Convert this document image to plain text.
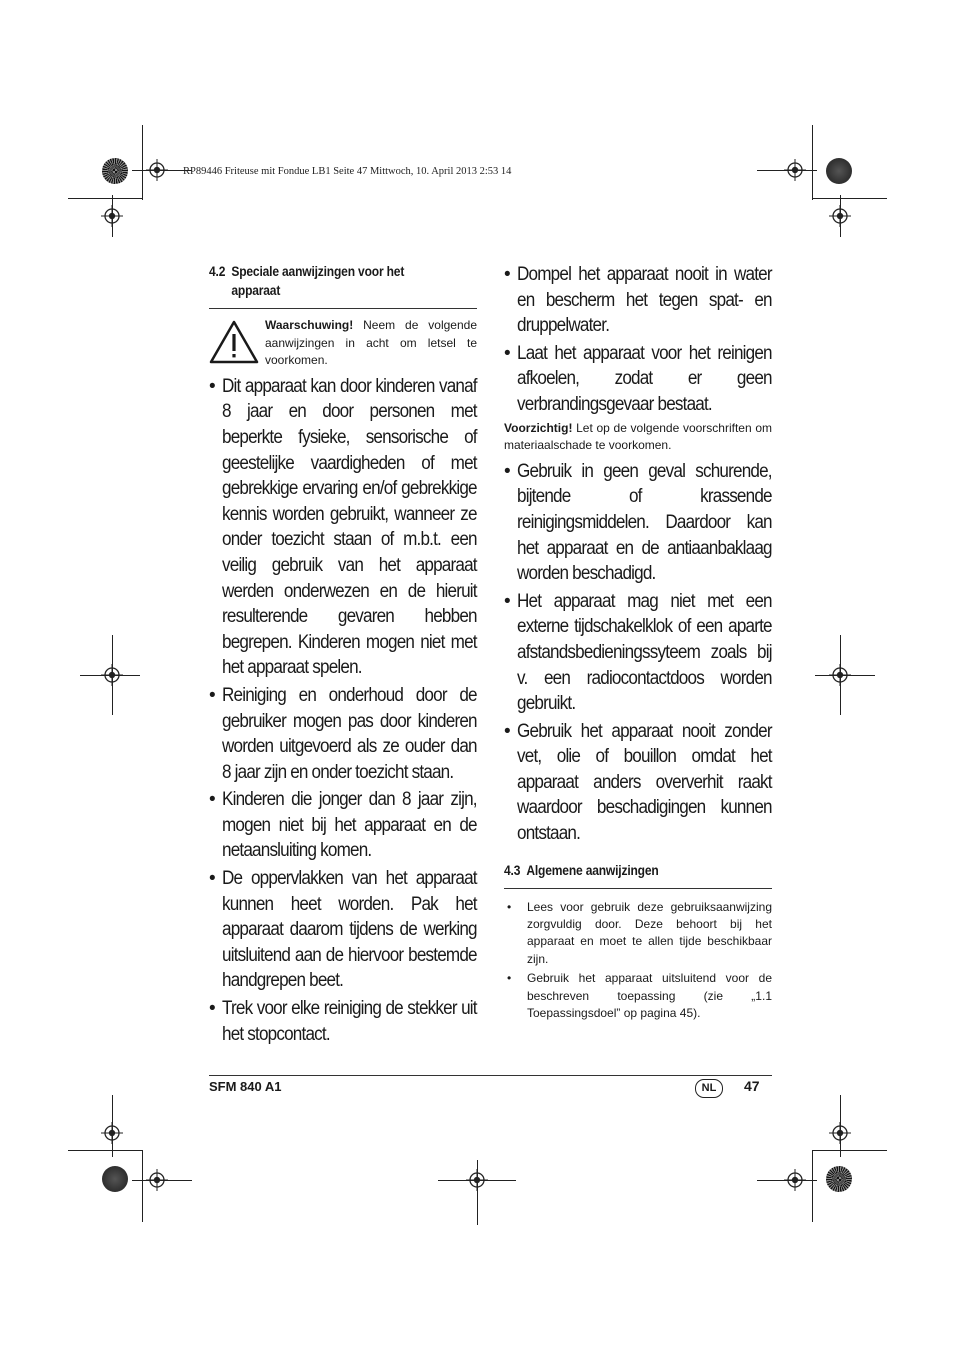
RP89446 Friteuse mit Fondue LB1 Seite 47 Mittwoch, 10. April 2013 2:53 14
4.2 Speciale aanwijzingen voor het
apparaat
Waarschuwing! Neem de volgende aanwijzingen in acht om letsel te voorkomen.
• Dit apparaat kan door kinderen vanaf 8 jaar en door personen met beperkte fysieke, sensorische of geestelijke vaardigheden of met gebrekkige ervaring en/of gebrekkige kennis worden gebruikt, wanneer ze onder toezicht staan of m.b.t. een veilig gebruik van het apparaat werden onderwezen en de hieruit resulterende gevaren hebben begrepen. Kinderen mogen niet met het apparaat spelen.
• Reiniging en onderhoud door de gebruiker mogen pas door kinderen worden uitgevoerd als ze ouder dan 8 jaar zijn en onder toezicht staan.
• Kinderen die jonger dan 8 jaar zijn, mogen niet bij het apparaat en de netaansluiting komen.
• De oppervlakken van het apparaat kunnen heet worden. Pak het apparaat daarom tijdens de werking uitsluitend aan de hiervoor bestemde handgrepen beet.
• Trek voor elke reiniging de stekker uit het stopcontact.
• Dompel het apparaat nooit in water en bescherm het tegen spat- en druppelwater.
• Laat het apparaat voor het reinigen afkoelen, zodat er geen verbrandingsgevaar bestaat.
Voorzichtig! Let op de volgende voorschriften om materiaalschade te voorkomen.
• Gebruik in geen geval schurende, bijtende of krassende reinigingsmiddelen. Daardoor kan het apparaat en de antiaanbaklaag worden beschadigd.
• Het apparaat mag niet met een externe tijdschakelklok of een aparte afstandsbedieningssyteem zoals bij v. een radiocontactdoos worden gebruikt.
• Gebruik het apparaat nooit zonder vet, olie of bouillon omdat het apparaat anders oververhit raakt waardoor beschadigingen kunnen ontstaan.
4.3 Algemene aanwijzingen
• Lees voor gebruik deze gebruiksaanwijzing zorgvuldig door. Deze behoort bij het apparaat en moet te allen tijde beschikbaar zijn.
• Gebruik het apparaat uitsluitend voor de beschreven toepassing (zie „1.1 Toepassingsdoel” op pagina 45).
SFM 840 A1	NL	47
